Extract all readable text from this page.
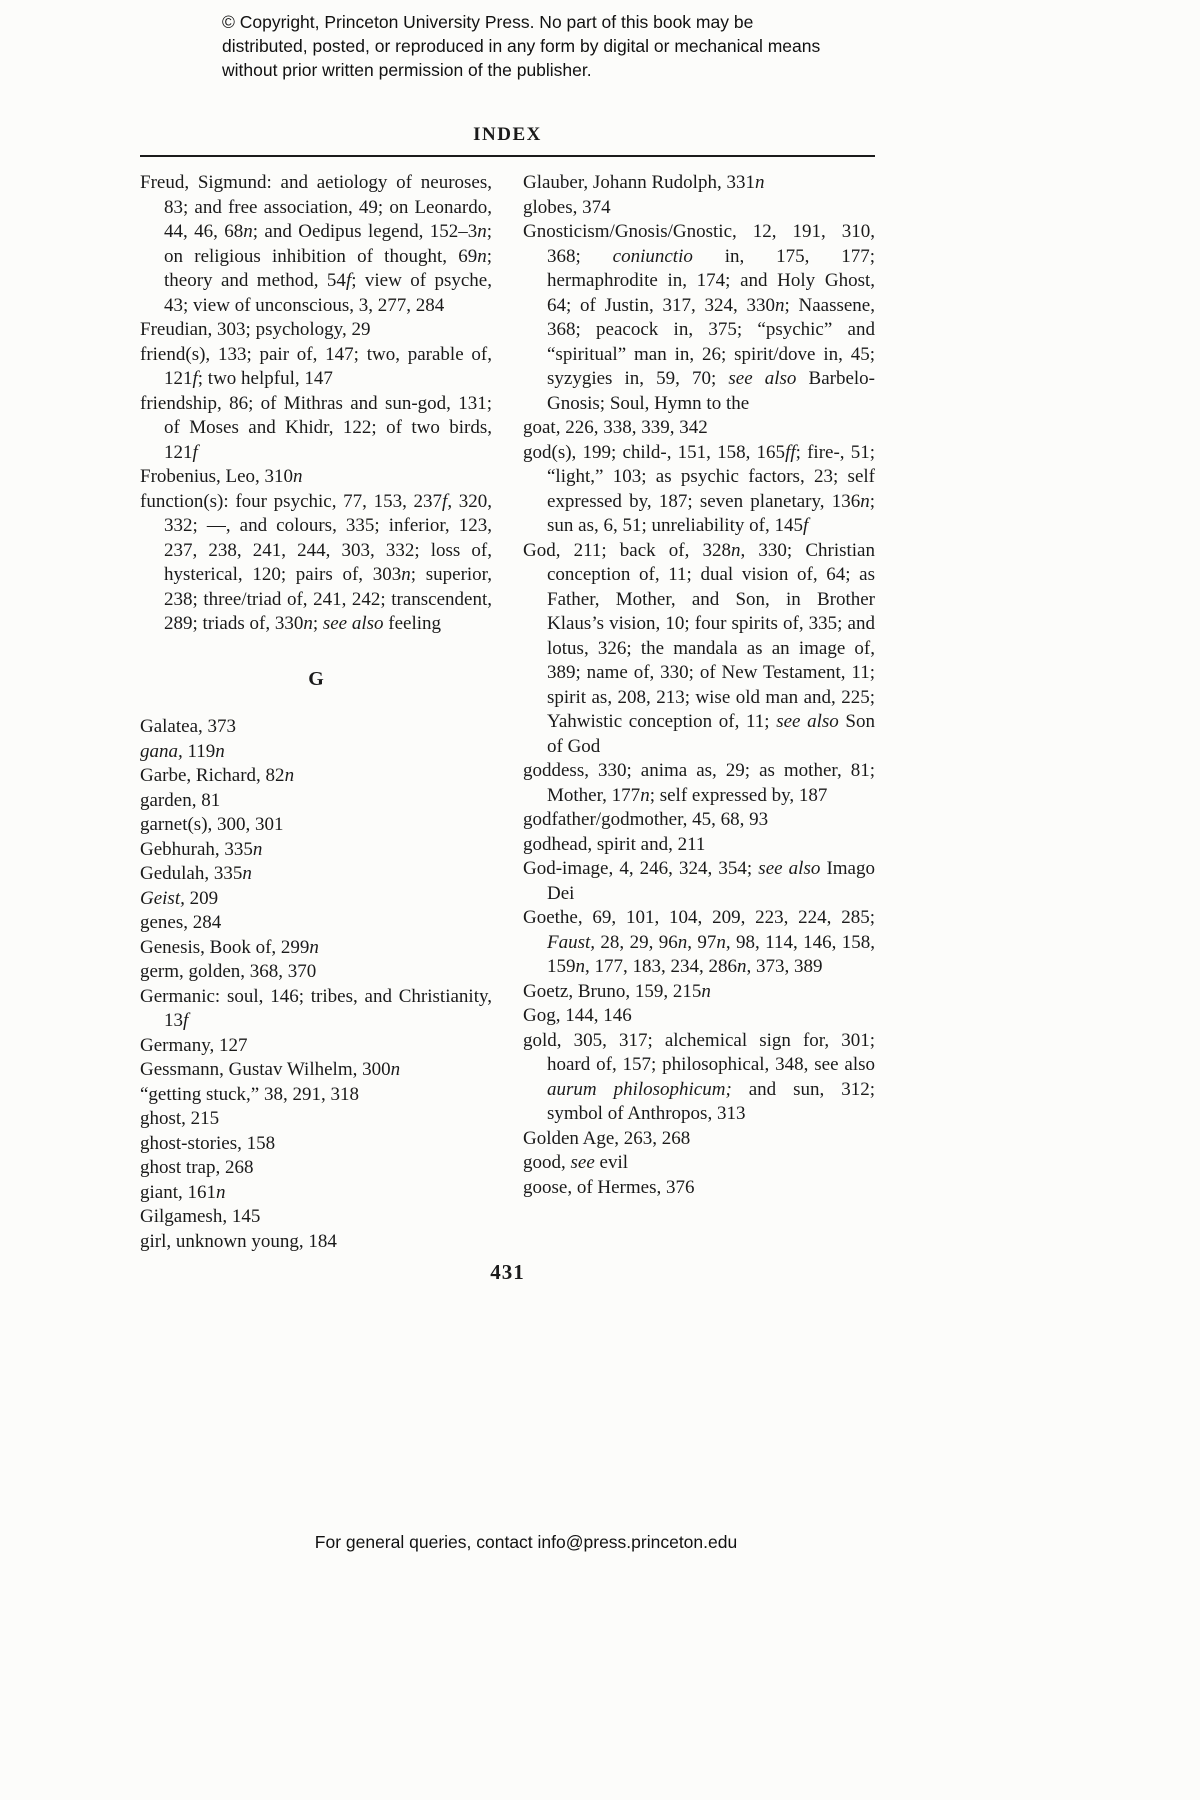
© Copyright, Princeton University Press. No part of this book may be distributed, posted, or reproduced in any form by digital or mechanical means without prior written permission of the publisher.
INDEX
Freud, Sigmund: and aetiology of neuroses, 83; and free association, 49; on Leonardo, 44, 46, 68n; and Oedipus legend, 152–3n; on religious inhibition of thought, 69n; theory and method, 54f; view of psyche, 43; view of unconscious, 3, 277, 284
Freudian, 303; psychology, 29
friend(s), 133; pair of, 147; two, parable of, 121f; two helpful, 147
friendship, 86; of Mithras and sun-god, 131; of Moses and Khidr, 122; of two birds, 121f
Frobenius, Leo, 310n
function(s): four psychic, 77, 153, 237f, 320, 332; —, and colours, 335; inferior, 123, 237, 238, 241, 244, 303, 332; loss of, hysterical, 120; pairs of, 303n; superior, 238; three/triad of, 241, 242; transcendent, 289; triads of, 330n; see also feeling
G
Galatea, 373
gana, 119n
Garbe, Richard, 82n
garden, 81
garnet(s), 300, 301
Gebhurah, 335n
Gedulah, 335n
Geist, 209
genes, 284
Genesis, Book of, 299n
germ, golden, 368, 370
Germanic: soul, 146; tribes, and Christianity, 13f
Germany, 127
Gessmann, Gustav Wilhelm, 300n
“getting stuck,” 38, 291, 318
ghost, 215
ghost-stories, 158
ghost trap, 268
giant, 161n
Gilgamesh, 145
girl, unknown young, 184
Glauber, Johann Rudolph, 331n
globes, 374
Gnosticism/Gnosis/Gnostic, 12, 191, 310, 368; coniunctio in, 175, 177; hermaphrodite in, 174; and Holy Ghost, 64; of Justin, 317, 324, 330n; Naassene, 368; peacock in, 375; “psychic” and “spiritual” man in, 26; spirit/dove in, 45; syzygies in, 59, 70; see also Barbelo-Gnosis; Soul, Hymn to the
goat, 226, 338, 339, 342
god(s), 199; child-, 151, 158, 165ff; fire-, 51; “light,” 103; as psychic factors, 23; self expressed by, 187; seven planetary, 136n; sun as, 6, 51; unreliability of, 145f
God, 211; back of, 328n, 330; Christian conception of, 11; dual vision of, 64; as Father, Mother, and Son, in Brother Klaus’s vision, 10; four spirits of, 335; and lotus, 326; the mandala as an image of, 389; name of, 330; of New Testament, 11; spirit as, 208, 213; wise old man and, 225; Yahwistic conception of, 11; see also Son of God
goddess, 330; anima as, 29; as mother, 81; Mother, 177n; self expressed by, 187
godfather/godmother, 45, 68, 93
godhead, spirit and, 211
God-image, 4, 246, 324, 354; see also Imago Dei
Goethe, 69, 101, 104, 209, 223, 224, 285; Faust, 28, 29, 96n, 97n, 98, 114, 146, 158, 159n, 177, 183, 234, 286n, 373, 389
Goetz, Bruno, 159, 215n
Gog, 144, 146
gold, 305, 317; alchemical sign for, 301; hoard of, 157; philosophical, 348, see also aurum philosophicum; and sun, 312; symbol of Anthropos, 313
Golden Age, 263, 268
good, see evil
goose, of Hermes, 376
431
For general queries, contact info@press.princeton.edu
